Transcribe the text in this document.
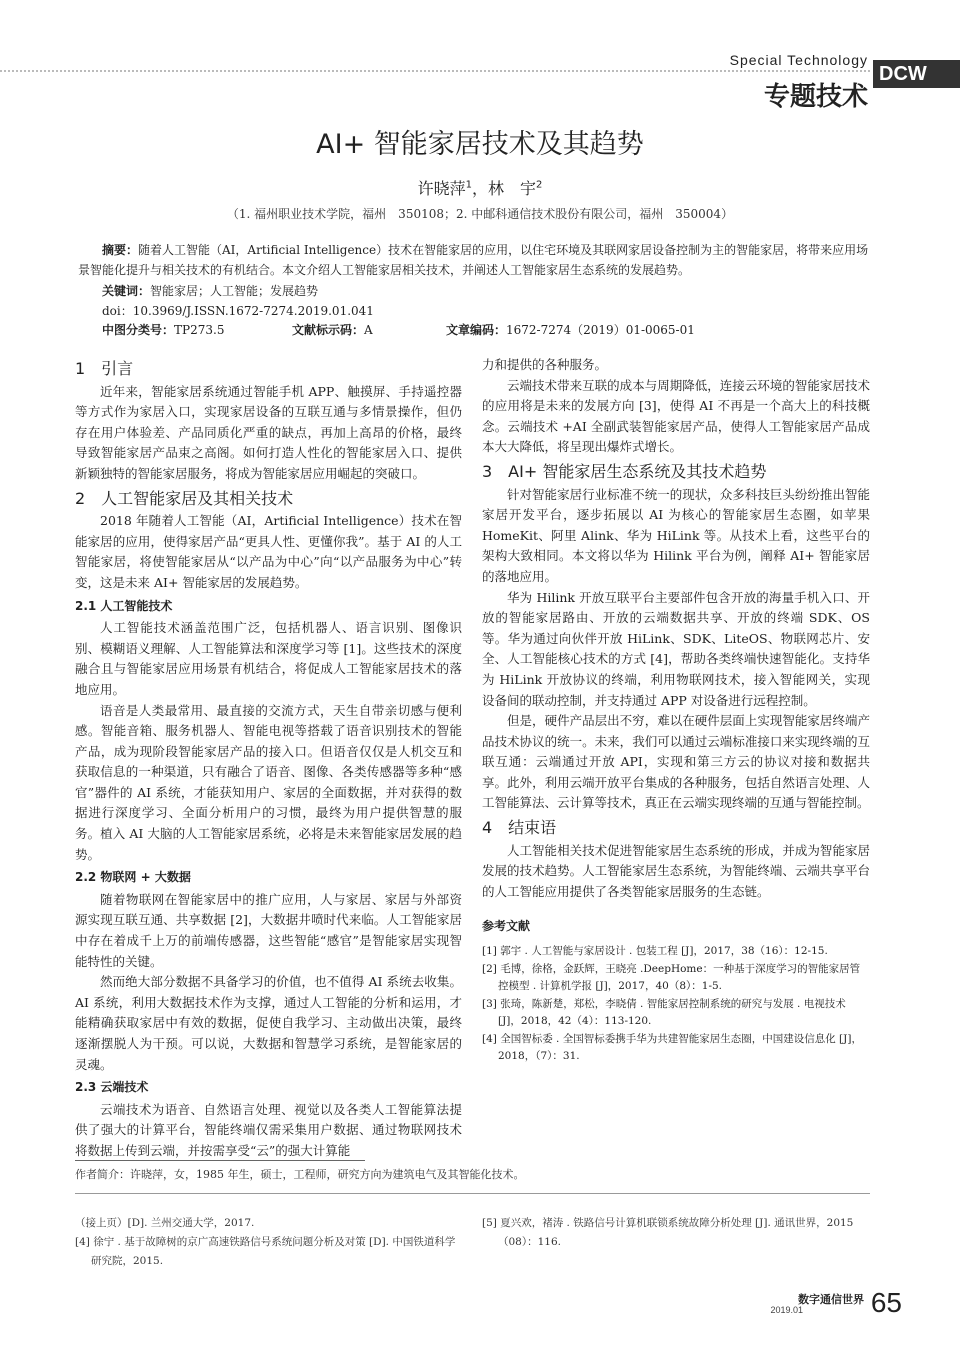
Special Technology
专题技术
DCW
AI+ 智能家居技术及其趋势
许晓萍$^1$，林　宇$^2$
（1. 福州职业技术学院，福州　350108；2. 中邮科通信技术股份有限公司，福州　350004）
摘要：随着人工智能（AI，Artificial Intelligence）技术在智能家居的应用，以住宅环境及其联网家居设备控制为主的智能家居，将带来应用场景智能化提升与相关技术的有机结合。本文介绍人工智能家居相关技术，并阐述人工智能家居生态系统的发展趋势。
关键词：智能家居；人工智能；发展趋势
doi：10.3969/J.ISSN.1672-7274.2019.01.041
中图分类号：TP273.5	文献标示码：A	文章编码：1672-7274（2019）01-0065-01
1　引言

近年来，智能家居系统通过智能手机 APP、触摸屏、手持遥控器等方式作为家居入口，实现家居设备的互联互通与多情景操作，但仍存在用户体验差、产品同质化严重的缺点，再加上高昂的价格，最终导致智能家居产品束之高阁。如何打造人性化的智能家居入口、提供新颖独特的智能家居服务，将成为智能家居应用崛起的突破口。

2　人工智能家居及其相关技术

2018 年随着人工智能（AI，Artificial Intelligence）技术在智能家居的应用，使得家居产品“更具人性、更懂你我”。基于 AI 的人工智能家居，将使智能家居从“以产品为中心”向“以产品服务为中心”转变，这是未来 AI+ 智能家居的发展趋势。

2.1 人工智能技术

人工智能技术涵盖范围广泛，包括机器人、语言识别、图像识别、模糊语义理解、人工智能算法和深度学习等 [1]。这些技术的深度融合且与智能家居应用场景有机结合，将促成人工智能家居技术的落地应用。

语音是人类最常用、最直接的交流方式，天生自带亲切感与便利感。智能音箱、服务机器人、智能电视等搭载了语音识别技术的智能产品，成为现阶段智能家居产品的接入口。但语音仅仅是人机交互和获取信息的一种渠道，只有融合了语音、图像、各类传感器等多种“感官”器件的 AI 系统，才能获知用户、家居的全面数据，并对获得的数据进行深度学习、全面分析用户的习惯，最终为用户提供智慧的服务。植入 AI 大脑的人工智能家居系统，必将是未来智能家居发展的趋势。

2.2 物联网 + 大数据

随着物联网在智能家居中的推广应用，人与家居、家居与外部资源实现互联互通、共享数据 [2]，大数据井喷时代来临。人工智能家居中存在着成千上万的前端传感器，这些智能“感官”是智能家居实现智能特性的关键。

然而绝大部分数据不具备学习的价值，也不值得 AI 系统去收集。AI 系统，利用大数据技术作为支撑，通过人工智能的分析和运用，才能精确获取家居中有效的数据，促使自我学习、主动做出决策，最终逐渐摆脱人为干预。可以说，大数据和智慧学习系统，是智能家居的灵魂。

2.3 云端技术

云端技术为语音、自然语言处理、视觉以及各类人工智能算法提供了强大的计算平台，智能终端仅需采集用户数据、通过物联网技术将数据上传到云端，并按需享受“云”的强大计算能

力和提供的各种服务。

云端技术带来互联的成本与周期降低，连接云环境的智能家居技术的应用将是未来的发展方向 [3]，使得 AI 不再是一个高大上的科技概念。云端技术 +AI 全副武装智能家居产品，使得人工智能家居产品成本大大降低，将呈现出爆炸式增长。

3　AI+ 智能家居生态系统及其技术趋势

针对智能家居行业标准不统一的现状，众多科技巨头纷纷推出智能家居开发平台，逐步拓展以 AI 为核心的智能家居生态圈，如苹果 HomeKit、阿里 Alink、华为 HiLink 等。从技术上看，这些平台的架构大致相同。本文将以华为 Hilink 平台为例，阐释 AI+ 智能家居的落地应用。

华为 Hilink 开放互联平台主要部件包含开放的海量手机入口、开放的智能家居路由、开放的云端数据共享、开放的终端 SDK、OS 等。华为通过向伙伴开放 HiLink、SDK、LiteOS、物联网芯片、安全、人工智能核心技术的方式 [4]，帮助各类终端快速智能化。支持华为 HiLink 开放协议的终端，利用物联网技术，接入智能网关，实现设备间的联动控制，并支持通过 APP 对设备进行远程控制。

但是，硬件产品层出不穷，难以在硬件层面上实现智能家居终端产品技术协议的统一。未来，我们可以通过云端标准接口来实现终端的互联互通：云端通过开放 API，实现和第三方云的协议对接和数据共享。此外，利用云端开放平台集成的各种服务，包括自然语言处理、人工智能算法、云计算等技术，真正在云端实现终端的互通与智能控制。

4　结束语

人工智能相关技术促进智能家居生态系统的形成，并成为智能家居发展的技术趋势。人工智能家居生态系统，为智能终端、云端共享平台的人工智能应用提供了各类智能家居服务的生态链。

参考文献
[1] 郭宇 . 人工智能与家居设计 . 包装工程 [J]，2017，38（16）：12-15.
[2] 毛博，徐格，金跃辉，王晓亮 .DeepHome：一种基于深度学习的智能家居管控模型 . 计算机学报 [J]，2017，40（8）：1-5.
[3] 张琦，陈新楚，郑松，李晓倩 . 智能家居控制系统的研究与发展 . 电视技术 [J]，2018，42（4）：113-120.
[4] 全国智标委 . 全国智标委携手华为共建智能家居生态圈，中国建设信息化 [J]，2018，（7）：31.
作者简介：许晓萍，女，1985 年生，硕士，工程师，研究方向为建筑电气及其智能化技术。
（接上页）[D]. 兰州交通大学，2017.
[4] 徐宁 . 基于故障树的京广高速铁路信号系统问题分析及对策 [D]. 中国铁道科学研究院，2015.
[5] 夏兴欢，褚涛 . 铁路信号计算机联锁系统故障分析处理 [J]. 通讯世界，2015（08）：116.
数字通信世界
2019.01 65
